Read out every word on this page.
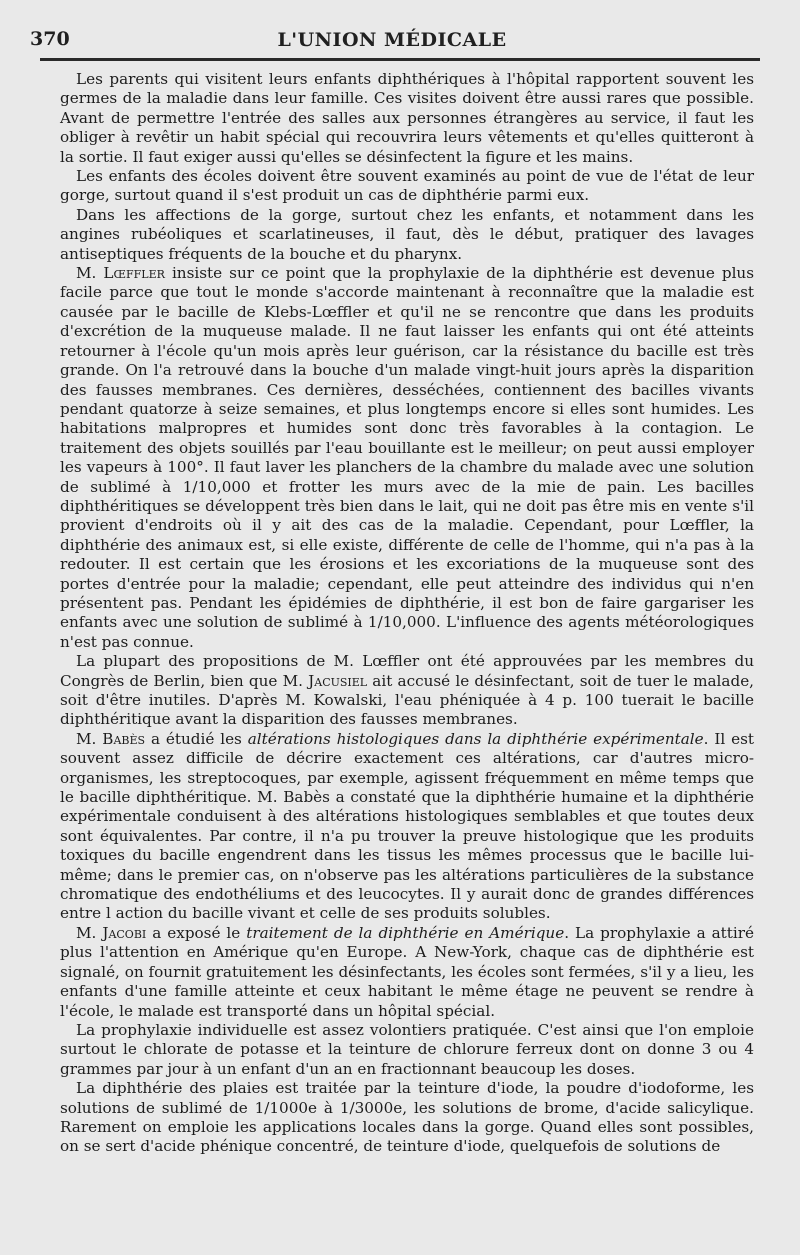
370	L'UNION MÉDICALE

Les parents qui visitent leurs enfants diphthériques à l'hôpital rapportent souvent les germes de la maladie dans leur famille. Ces visites doivent être aussi rares que possible. Avant de permettre l'entrée des salles aux personnes étrangères au service, il faut les obliger à revêtir un habit spécial qui recouvrira leurs vêtements et qu'elles quitteront à la sortie. Il faut exiger aussi qu'elles se désinfectent la figure et les mains.

Les enfants des écoles doivent être souvent examinés au point de vue de l'état de leur gorge, surtout quand il s'est produit un cas de diphthérie parmi eux.

Dans les affections de la gorge, surtout chez les enfants, et notamment dans les angines rubéoliques et scarlatineuses, il faut, dès le début, pratiquer des lavages antiseptiques fréquents de la bouche et du pharynx.

M. Lœffler insiste sur ce point que la prophylaxie de la diphthérie est devenue plus facile parce que tout le monde s'accorde maintenant à reconnaître que la maladie est causée par le bacille de Klebs-Lœffler et qu'il ne se rencontre que dans les produits d'excrétion de la muqueuse malade. Il ne faut laisser les enfants qui ont été atteints retourner à l'école qu'un mois après leur guérison, car la résistance du bacille est très grande. On l'a retrouvé dans la bouche d'un malade vingt-huit jours après la disparition des fausses membranes. Ces dernières, desséchées, contiennent des bacilles vivants pendant quatorze à seize semaines, et plus longtemps encore si elles sont humides. Les habitations malpropres et humides sont donc très favorables à la contagion. Le traitement des objets souillés par l'eau bouillante est le meilleur; on peut aussi employer les vapeurs à 100°. Il faut laver les planchers de la chambre du malade avec une solution de sublimé à 1/10,000 et frotter les murs avec de la mie de pain. Les bacilles diphthéritiques se développent très bien dans le lait, qui ne doit pas être mis en vente s'il provient d'endroits où il y ait des cas de la maladie. Cependant, pour Lœffler, la diphthérie des animaux est, si elle existe, différente de celle de l'homme, qui n'a pas à la redouter. Il est certain que les érosions et les excoriations de la muqueuse sont des portes d'entrée pour la maladie; cependant, elle peut atteindre des individus qui n'en présentent pas. Pendant les épidémies de diphthérie, il est bon de faire gargariser les enfants avec une solution de sublimé à 1/10,000. L'influence des agents météorologiques n'est pas connue.

La plupart des propositions de M. Lœffler ont été approuvées par les membres du Congrès de Berlin, bien que M. Jacusiel ait accusé le désinfectant, soit de tuer le malade, soit d'être inutiles. D'après M. Kowalski, l'eau phéniquée à 4 p. 100 tuerait le bacille diphthéritique avant la disparition des fausses membranes.

M. Babès a étudié les altérations histologiques dans la diphthérie expérimentale. Il est souvent assez difficile de décrire exactement ces altérations, car d'autres micro-organismes, les streptocoques, par exemple, agissent fréquemment en même temps que le bacille diphthéritique. M. Babès a constaté que la diphthérie humaine et la diphthérie expérimentale conduisent à des altérations histologiques semblables et que toutes deux sont équivalentes. Par contre, il n'a pu trouver la preuve histologique que les produits toxiques du bacille engendrent dans les tissus les mêmes processus que le bacille lui-même; dans le premier cas, on n'observe pas les altérations particulières de la substance chromatique des endothéliums et des leucocytes. Il y aurait donc de grandes différences entre l action du bacille vivant et celle de ses produits solubles.

M. Jacobi a exposé le traitement de la diphthérie en Amérique. La prophylaxie a attiré plus l'attention en Amérique qu'en Europe. A New-York, chaque cas de diphthérie est signalé, on fournit gratuitement les désinfectants, les écoles sont fermées, s'il y a lieu, les enfants d'une famille atteinte et ceux habitant le même étage ne peuvent se rendre à l'école, le malade est transporté dans un hôpital spécial.

La prophylaxie individuelle est assez volontiers pratiquée. C'est ainsi que l'on emploie surtout le chlorate de potasse et la teinture de chlorure ferreux dont on donne 3 ou 4 grammes par jour à un enfant d'un an en fractionnant beaucoup les doses.

La diphthérie des plaies est traitée par la teinture d'iode, la poudre d'iodoforme, les solutions de sublimé de 1/1000e à 1/3000e, les solutions de brome, d'acide salicylique. Rarement on emploie les applications locales dans la gorge. Quand elles sont possibles, on se sert d'acide phénique concentré, de teinture d'iode, quelquefois de solutions de
